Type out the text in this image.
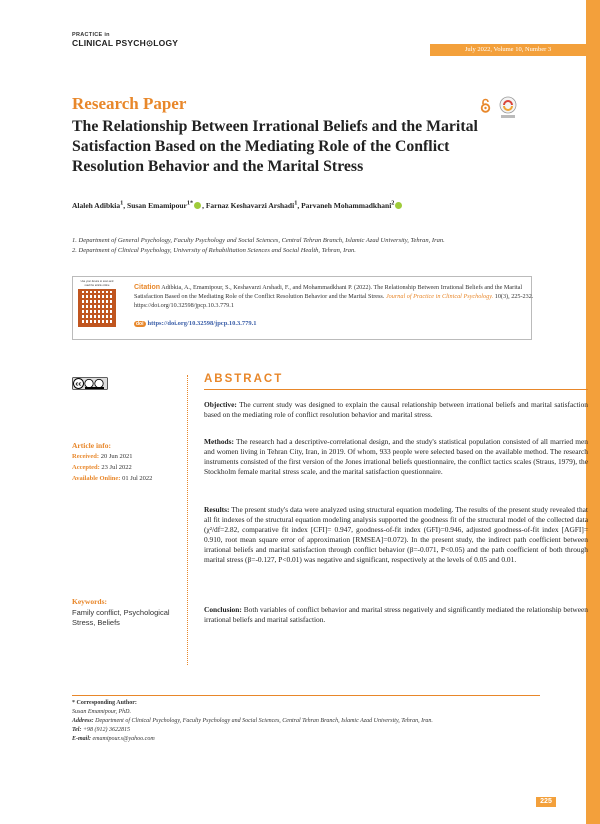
PRACTICE in
CLINICAL PSYCH⊙LOGY
July 2022, Volume 10, Number 3
Research Paper
The Relationship Between Irrational Beliefs and the Marital Satisfaction Based on the Mediating Role of the Conflict Resolution Behavior and the Marital Stress
Alaleh Adibkia$^1$, Susan Emamipour$^{1*}$ , Farnaz Keshavarzi Arshadi$^1$, Parvaneh Mohammadkhani$^2$
1. Department of General Psychology, Faculty Psychology and Social Sciences, Central Tehran Branch, Islamic Azad University, Tehran, Iran.
2. Department of Clinical Psychology, University of Rehabilitation Sciences and Social Health, Tehran, Iran.
Use your device to scan and read the article online	Citation Adibkia, A., Emamipour, S., Keshavarzi Arshadi, F., and Mohammadkhani P. (2022). The Relationship Between Irrational Beliefs and the Marital Satisfaction Based on the Mediating Role of the Conflict Resolution Behavior and the Marital Stress. Journal of Practice in Clinical Psychology. 10(3), 225-232. https://doi.org/10.32598/jpcp.10.3.779.1
doi https://doi.org/10.32598/jpcp.10.3.779.1
cc
cc by nc
Article info:
Received: 20 Jun 2021
Accepted: 23 Jul 2022
Available Online: 01 Jul 2022
Keywords:
Family conflict, Psychological Stress, Beliefs
ABSTRACT

Objective: The current study was designed to explain the causal relationship between irrational beliefs and marital satisfaction based on the mediating role of conflict resolution behavior and marital stress.

Methods: The research had a descriptive-correlational design, and the study's statistical population consisted of all married men and women living in Tehran City, Iran, in 2019. Of whom, 933 people were selected based on the available method. The research instruments consisted of the first version of the Jones irrational beliefs questionnaire, the conflict tactics scales (Straus, 1979), the Stockholm female marital stress scale, and the marital satisfaction questionnaire.

Results: The present study's data were analyzed using structural equation modeling. The results of the present study revealed that all fit indexes of the structural equation modeling analysis supported the goodness fit of the structural model of the collected data (χ²/df=2.82, comparative fit index [CFI]= 0.947, goodness-of-fit index (GFI)=0.946, adjusted goodness-of-fit index [AGFI]= 0.910, root mean square error of approximation [RMSEA]=0.072). In the present study, the indirect path coefficient between irrational beliefs and marital satisfaction through conflict behavior (β=-0.071, P<0.05) and the path coefficient of both through marital stress (β=-0.127, P<0.01) was negative and significant, respectively at the levels of 0.05 and 0.01.

Conclusion: Both variables of conflict behavior and marital stress negatively and significantly mediated the relationship between irrational beliefs and marital satisfaction.

* Corresponding Author:
Susan Emamipour, PhD.
Address: Department of Clinical Psychology, Faculty Psychology and Social Sciences, Central Tehran Branch, Islamic Azad University, Tehran, Iran.
Tel: +98 (912) 3622815
E-mail: emamipour.s@yahoo.com
225
